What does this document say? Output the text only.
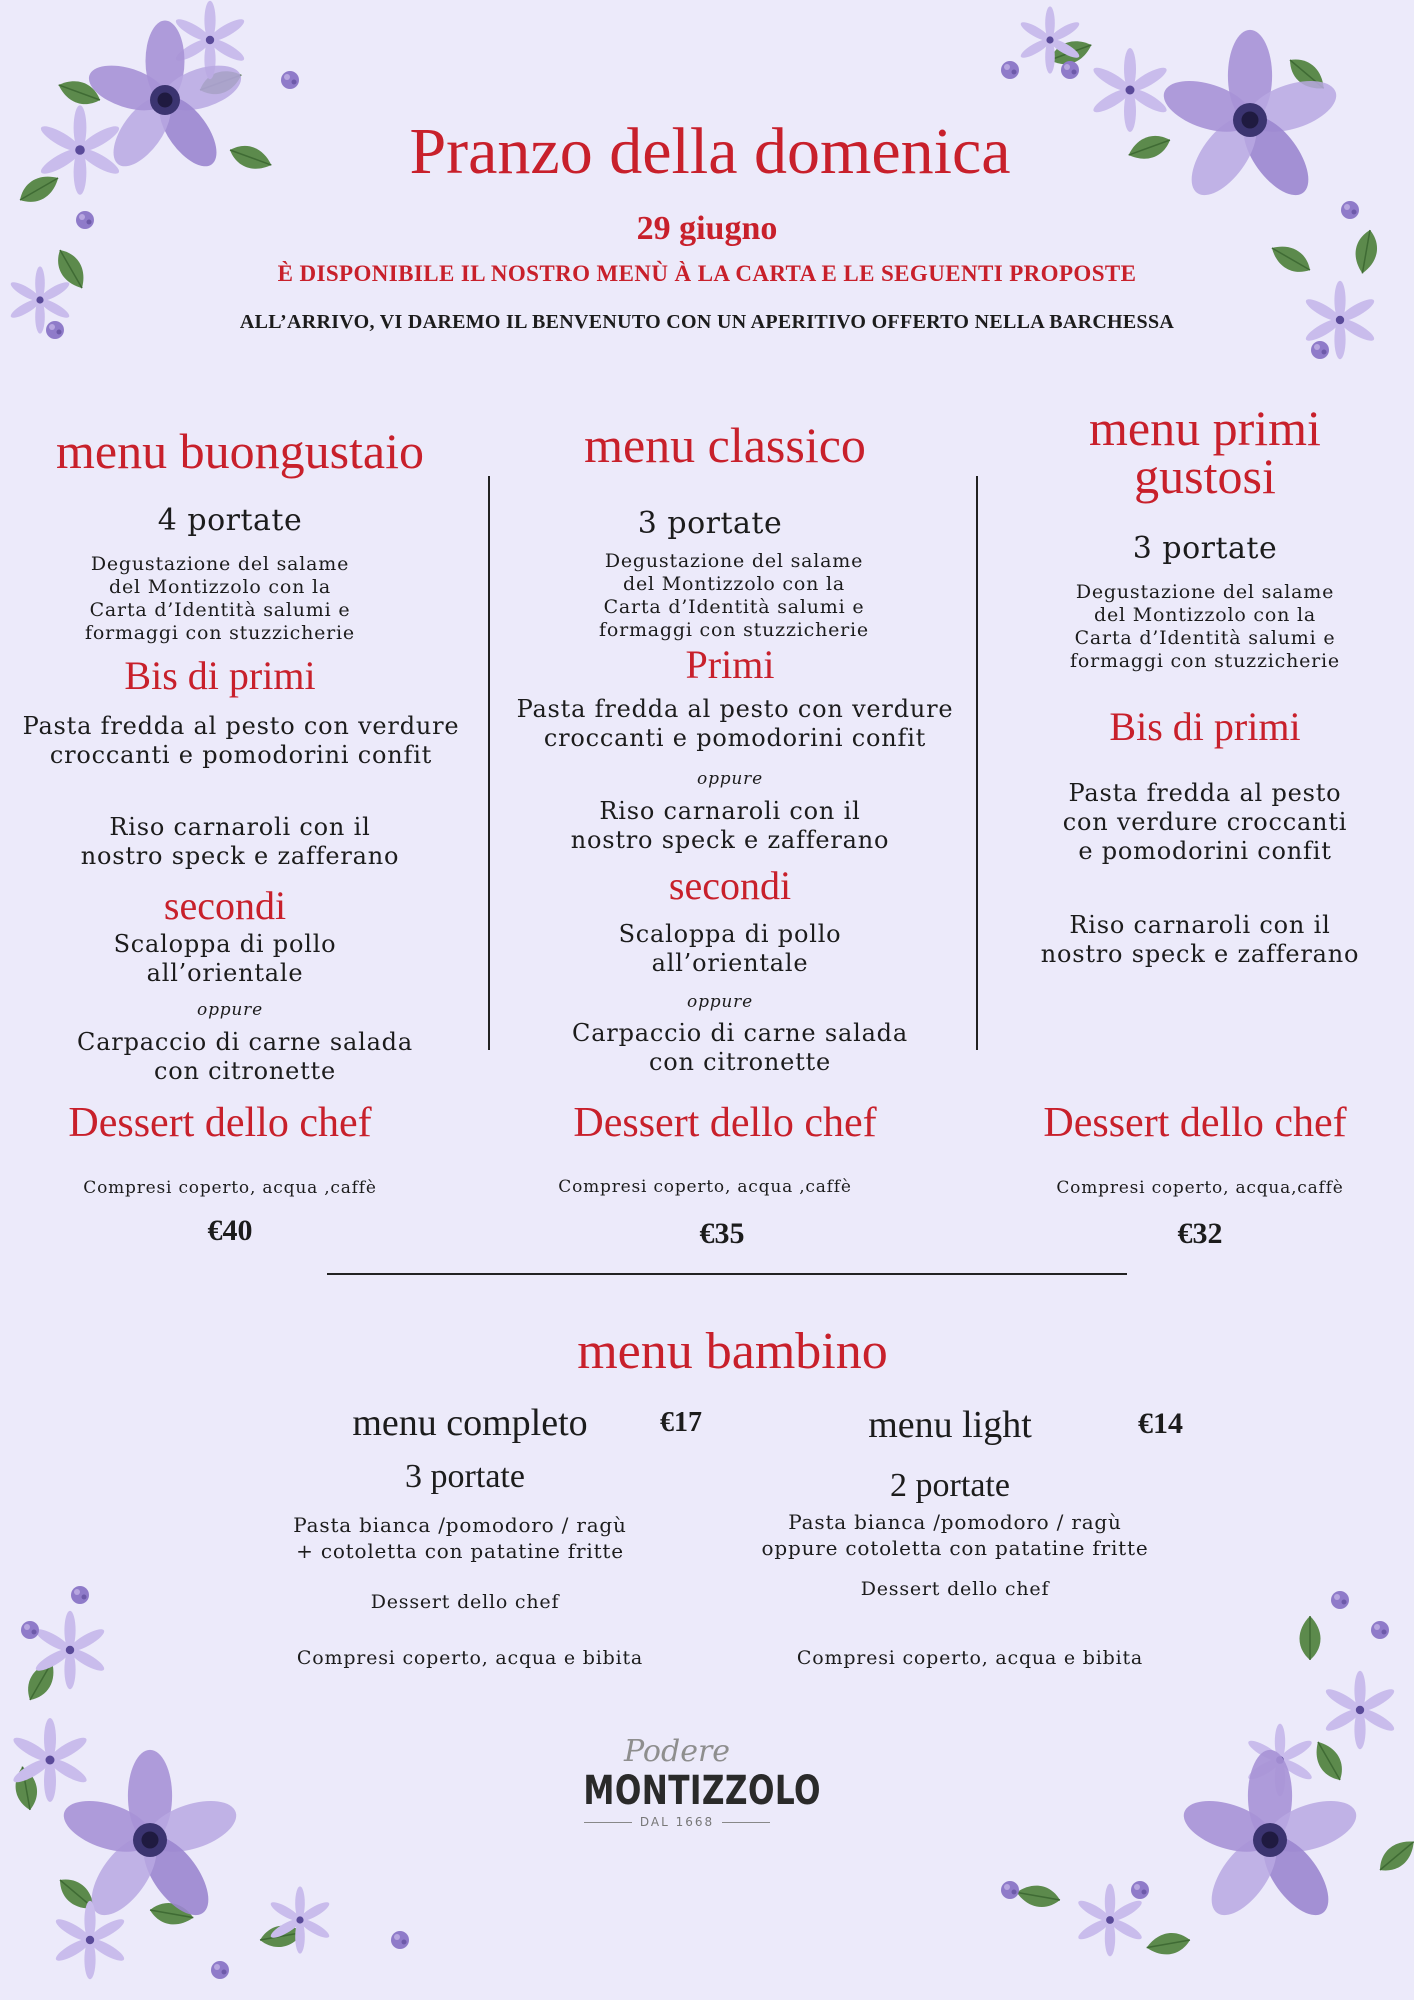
Pranzo della domenica
29 giugno
È DISPONIBILE IL NOSTRO MENÙ À LA CARTA E LE SEGUENTI PROPOSTE
ALL’ARRIVO, VI DAREMO IL BENVENUTO CON UN APERITIVO OFFERTO NELLA BARCHESSA
menu buongustaio
4 portate
Degustazione del salame
del Montizzolo con la
Carta d’Identità salumi e
formaggi con stuzzicherie
Bis di primi
Pasta fredda al pesto con verdure
croccanti e pomodorini confit
Riso carnaroli con il
nostro speck e zafferano
secondi
Scaloppa di pollo
all’orientale
oppure
Carpaccio di carne salada
con citronette
Dessert dello chef
Compresi coperto, acqua ,caffè
€40
menu classico
3 portate
Degustazione del salame
del Montizzolo con la
Carta d’Identità salumi e
formaggi con stuzzicherie
Primi
Pasta fredda al pesto con verdure
croccanti e pomodorini confit
oppure
Riso carnaroli con il
nostro speck e zafferano
secondi
Scaloppa di pollo
all’orientale
oppure
Carpaccio di carne salada
con citronette
Dessert dello chef
Compresi coperto, acqua ,caffè
€35
menu primi
gustosi
3 portate
Degustazione del salame
del Montizzolo con la
Carta d’Identità salumi e
formaggi con stuzzicherie
Bis di primi
Pasta fredda al pesto
con verdure croccanti
e pomodorini confit
Riso carnaroli con il
nostro speck e zafferano
Dessert dello chef
Compresi coperto, acqua,caffè
€32
menu bambino
menu completo	€17
3 portate
Pasta bianca /pomodoro / ragù
+ cotoletta con patatine fritte
Dessert dello chef
Compresi coperto, acqua e bibita
menu light	€14
2 portate
Pasta bianca /pomodoro / ragù
oppure cotoletta con patatine fritte
Dessert dello chef
Compresi coperto, acqua e bibita
Podere
MONTIZZOLO
DAL 1668
